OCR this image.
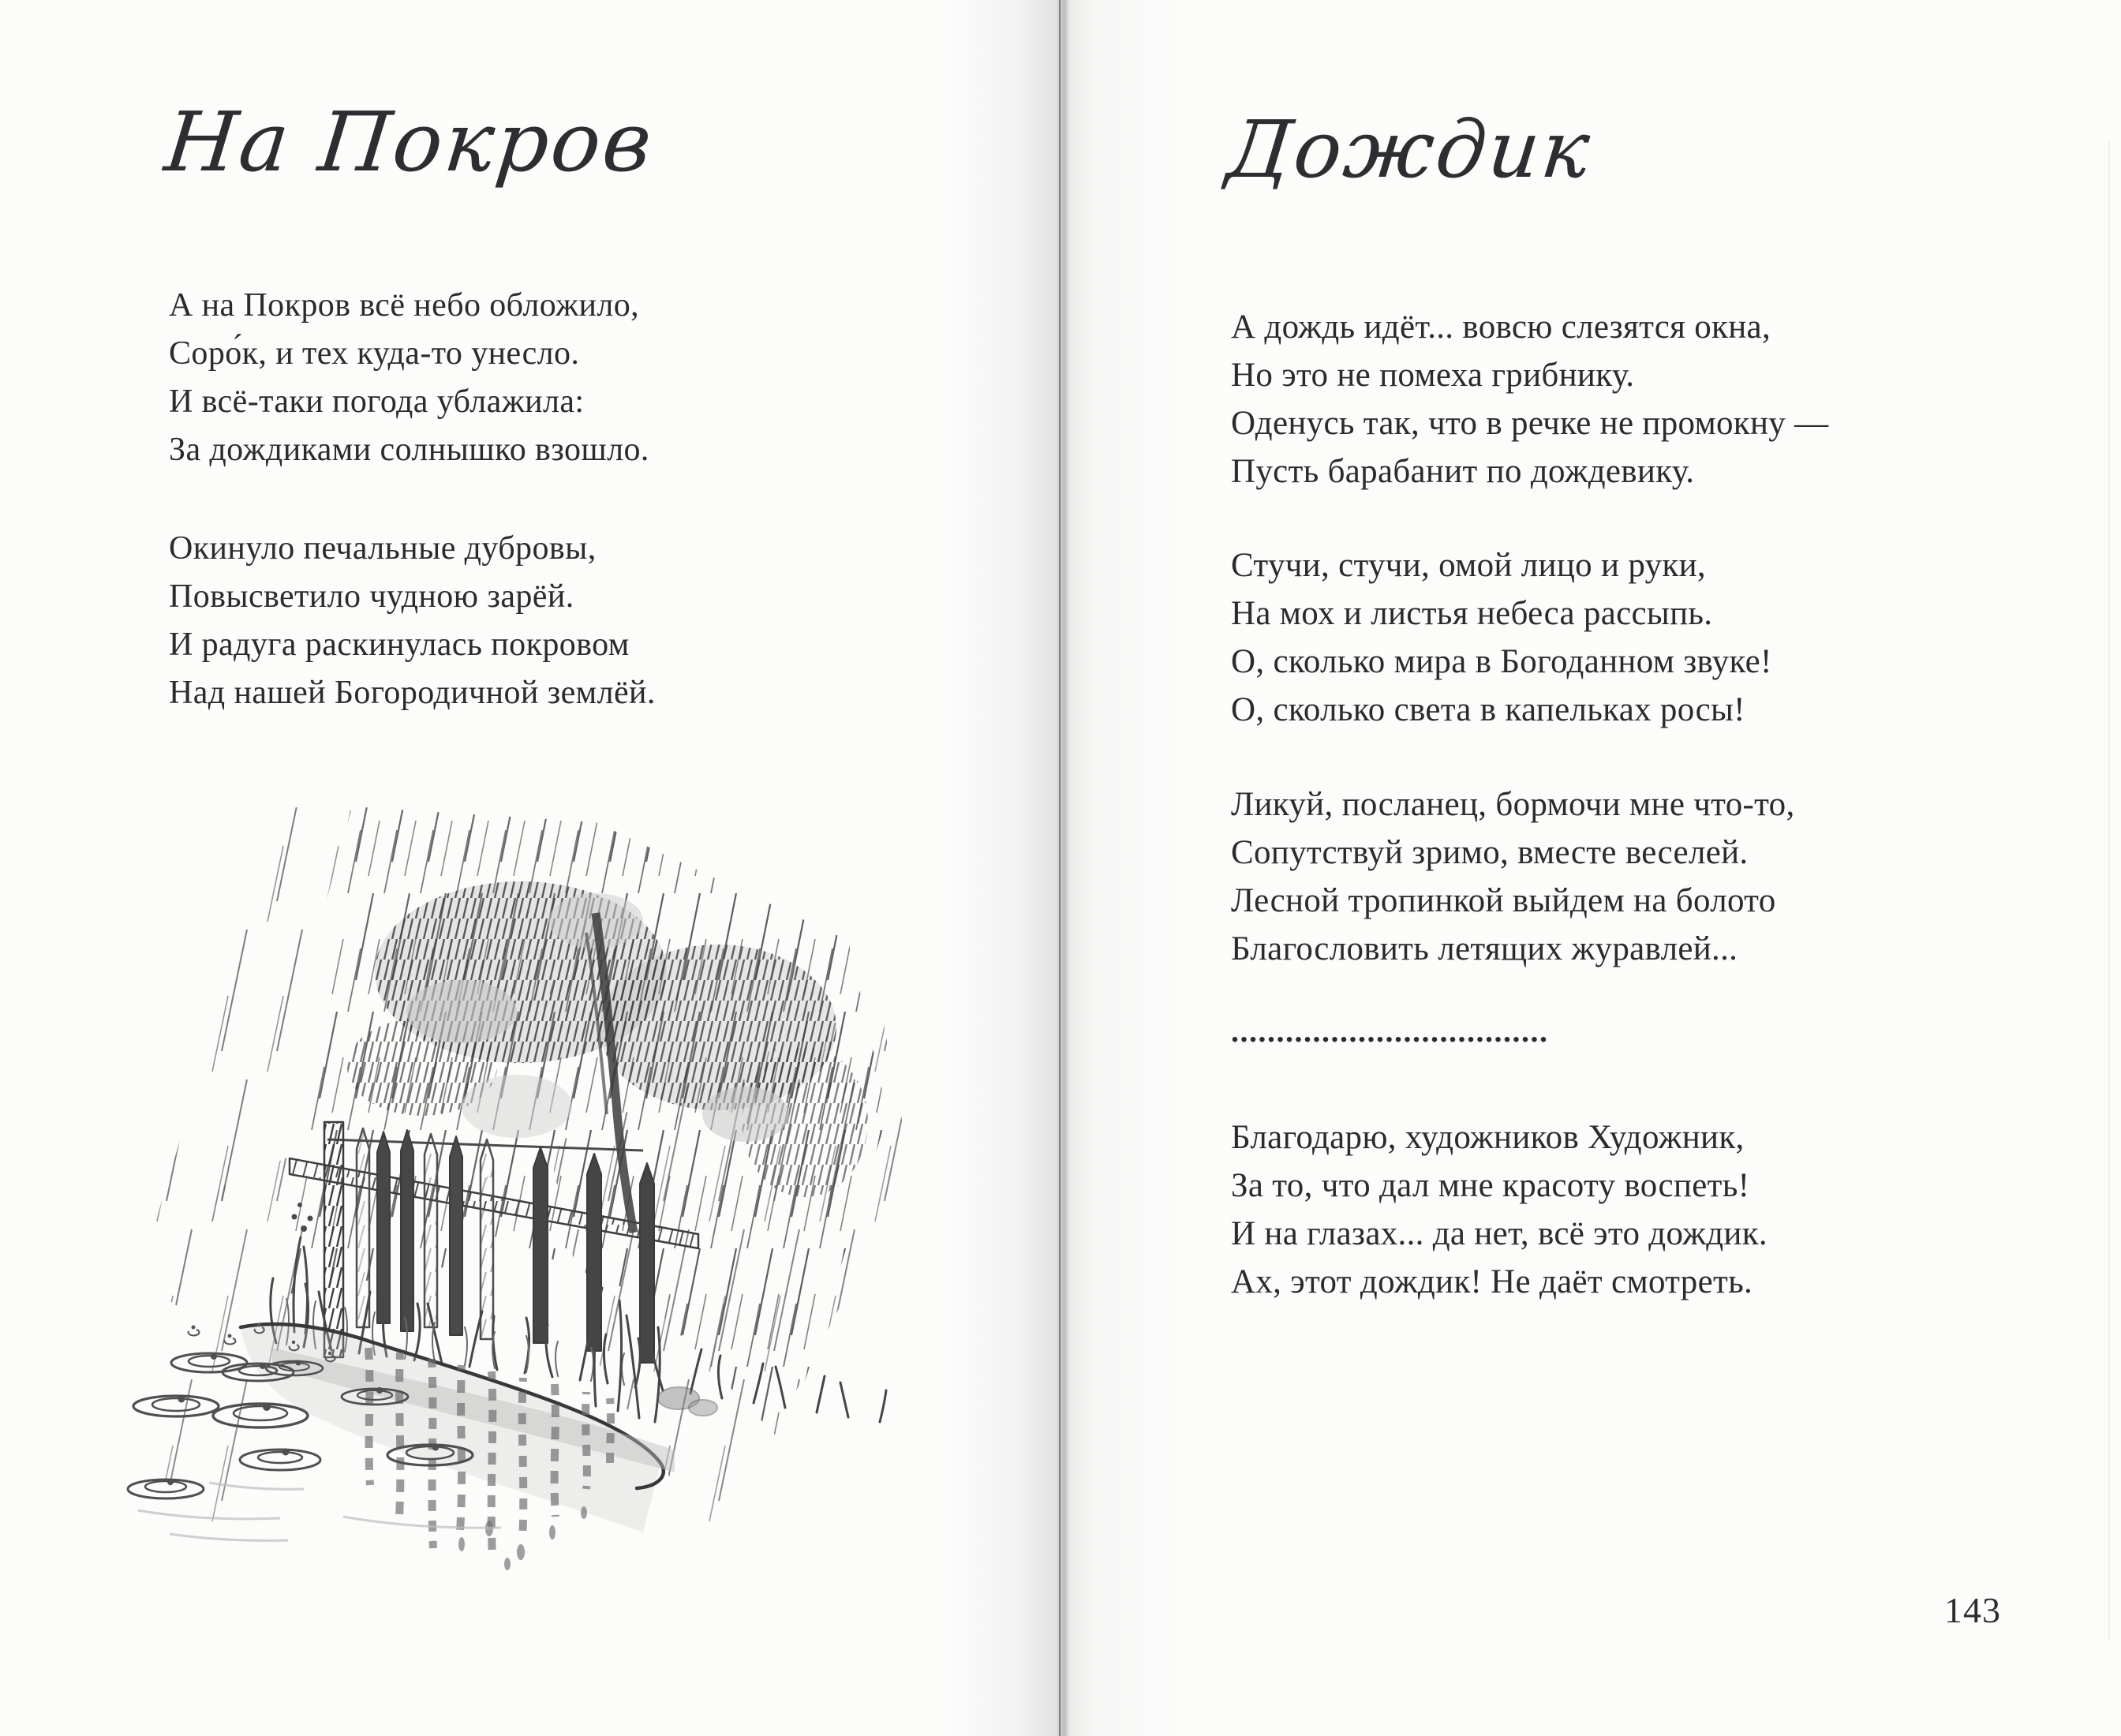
На Покров
А на Покров всё небо обложило,
Соро́к, и тех куда-то унесло.
И всё-таки погода ублажила:
За дождиками солнышко взошло.
Окинуло печальные дубровы,
Повысветило чудною зарёй.
И радуга раскинулась покровом
Над нашей Богородичной землёй.
Дождик
А дождь идёт... вовсю слезятся окна,
Но это не помеха грибнику.
Оденусь так, что в речке не промокну —
Пусть барабанит по дождевику.
Стучи, стучи, омой лицо и руки,
На мох и листья небеса рассыпь.
О, сколько мира в Богоданном звуке!
О, сколько света в капельках росы!
Ликуй, посланец, бормочи мне что-то,
Сопутствуй зримо, вместе веселей.
Лесной тропинкой выйдем на болото
Благословить летящих журавлей...
...................................
Благодарю, художников Художник,
За то, что дал мне красоту воспеть!
И на глазах... да нет, всё это дождик.
Ах, этот дождик! Не даёт смотреть.
143
